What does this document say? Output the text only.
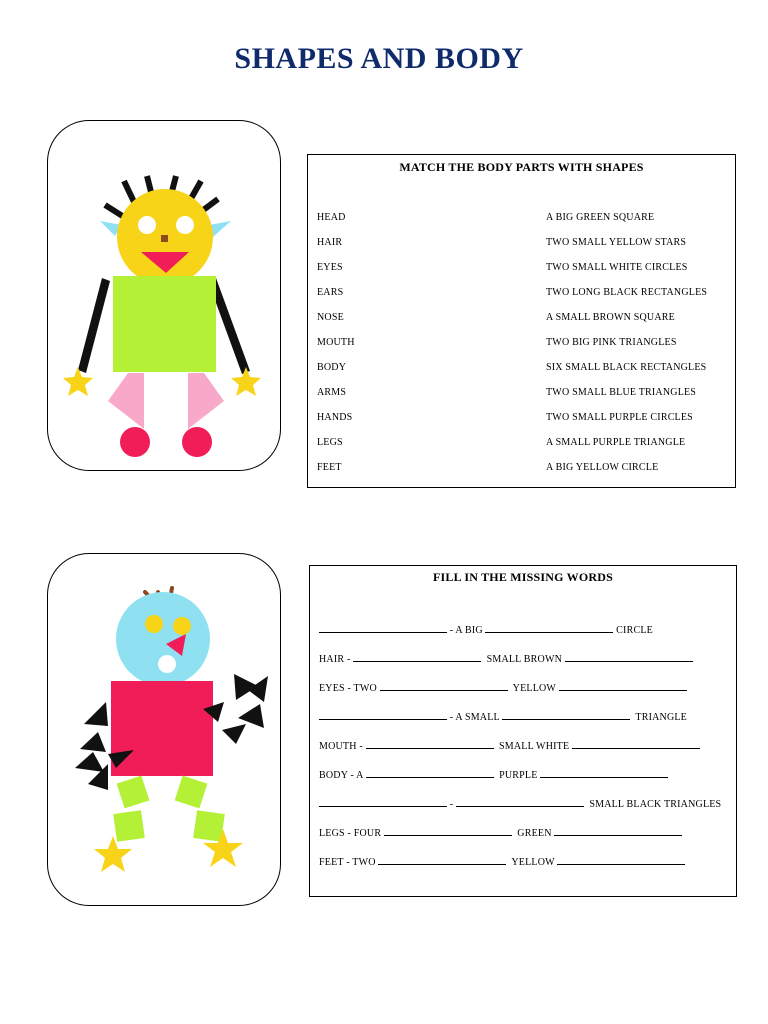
SHAPES AND BODY
MATCH THE BODY PARTS WITH SHAPES
HEAD	A BIG GREEN SQUARE
HAIR	TWO SMALL YELLOW STARS
EYES	TWO SMALL WHITE CIRCLES
EARS	TWO LONG BLACK RECTANGLES
NOSE	A SMALL BROWN SQUARE
MOUTH	TWO BIG PINK TRIANGLES
BODY	SIX SMALL BLACK RECTANGLES
ARMS	TWO SMALL BLUE TRIANGLES
HANDS	TWO SMALL PURPLE CIRCLES
LEGS	A SMALL PURPLE TRIANGLE
FEET	A BIG YELLOW CIRCLE
FILL IN THE MISSING WORDS
- A BIG	CIRCLE
HAIR -	SMALL BROWN
EYES - TWO	YELLOW
- A SMALL	TRIANGLE
MOUTH -	SMALL WHITE
BODY - A	PURPLE
-	SMALL BLACK TRIANGLES
LEGS - FOUR	GREEN
FEET - TWO	YELLOW
